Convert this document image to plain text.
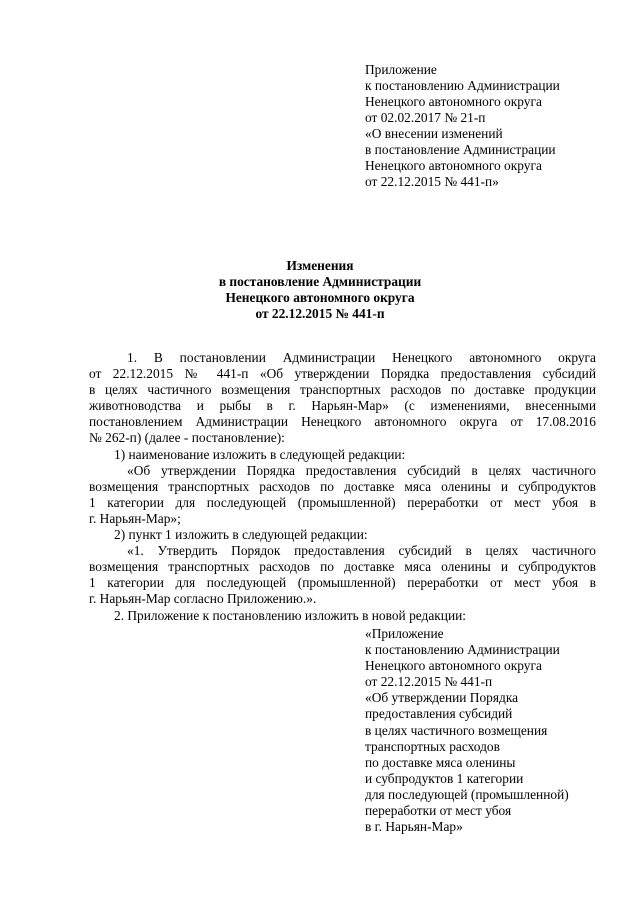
Приложение
к постановлению Администрации
Ненецкого автономного округа
от 02.02.2017 № 21-п
«О внесении изменений
в постановление Администрации
Ненецкого автономного округа
от 22.12.2015 № 441-п»
Изменения
в постановление Администрации
Ненецкого автономного округа
от 22.12.2015 № 441-п
1. В постановлении Администрации Ненецкого автономного округа
от 22.12.2015 № 441-п «Об утверждении Порядка предоставления субсидий
в целях частичного возмещения транспортных расходов по доставке продукции
животноводства и рыбы в г. Нарьян-Мар» (с изменениями, внесенными
постановлением Администрации Ненецкого автономного округа от 17.08.2016
№ 262-п) (далее - постановление):
1) наименование изложить в следующей редакции:
«Об утверждении Порядка предоставления субсидий в целях частичного
возмещения транспортных расходов по доставке мяса оленины и субпродуктов
1 категории для последующей (промышленной) переработки от мест убоя в
г. Нарьян-Мар»;
2) пункт 1 изложить в следующей редакции:
«1. Утвердить Порядок предоставления субсидий в целях частичного
возмещения транспортных расходов по доставке мяса оленины и субпродуктов
1 категории для последующей (промышленной) переработки от мест убоя в
г. Нарьян-Мар согласно Приложению.».
2. Приложение к постановлению изложить в новой редакции:
«Приложение
к постановлению Администрации
Ненецкого автономного округа
от 22.12.2015 № 441-п
«Об утверждении Порядка
предоставления субсидий
в целях частичного возмещения
транспортных расходов
по доставке мяса оленины
и субпродуктов 1 категории
для последующей (промышленной)
переработки от мест убоя
в г. Нарьян-Мар»
